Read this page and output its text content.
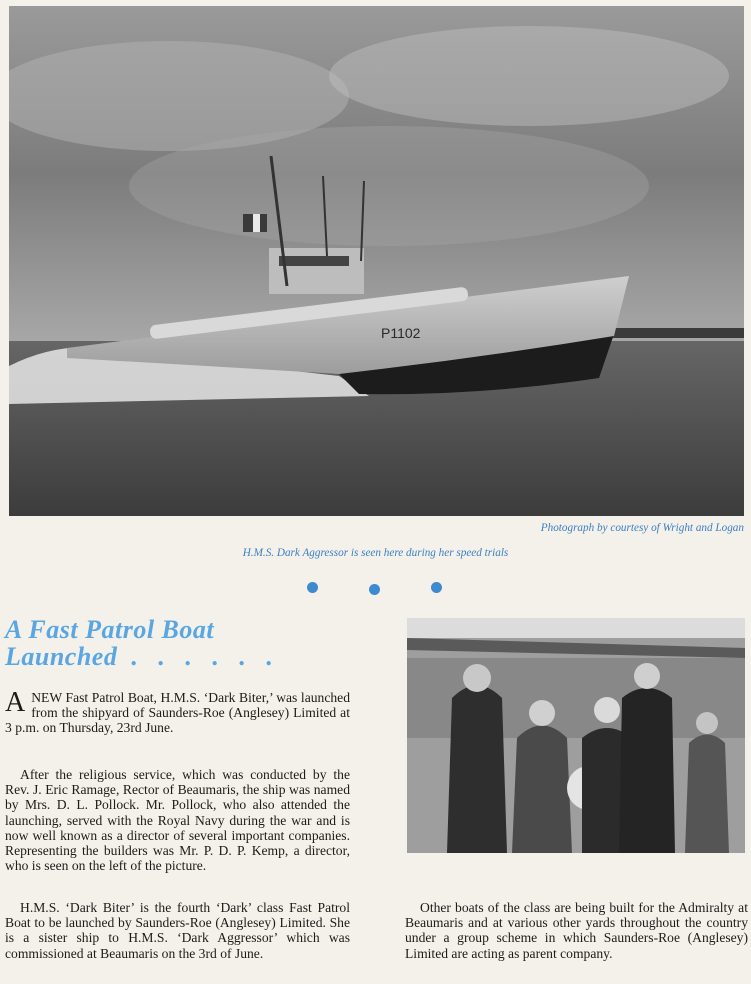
P1102
Photograph by courtesy of Wright and Logan
H.M.S. Dark Aggressor is seen here during her speed trials
A Fast Patrol Boat
Launched . . . . . .

ANEW Fast Patrol Boat, H.M.S. ‘Dark Biter,’ was launched from the shipyard of Saunders-Roe (Anglesey) Limited at 3 p.m. on Thursday, 23rd June.

After the religious service, which was conducted by the Rev. J. Eric Ramage, Rector of Beaumaris, the ship was named by Mrs. D. L. Pollock. Mr. Pollock, who also attended the launching, served with the Royal Navy during the war and is now well known as a director of several important companies. Representing the builders was Mr. P. D. P. Kemp, a director, who is seen on the left of the picture.

H.M.S. ‘Dark Biter’ is the fourth ‘Dark’ class Fast Patrol Boat to be launched by Saunders-Roe (Anglesey) Limited. She is a sister ship to H.M.S. ‘Dark Aggressor’ which was commissioned at Beaumaris on the 3rd of June.

Other boats of the class are being built for the Admiralty at Beaumaris and at various other yards throughout the country under a group scheme in which Saunders-Roe (Anglesey) Limited are acting as parent company.
